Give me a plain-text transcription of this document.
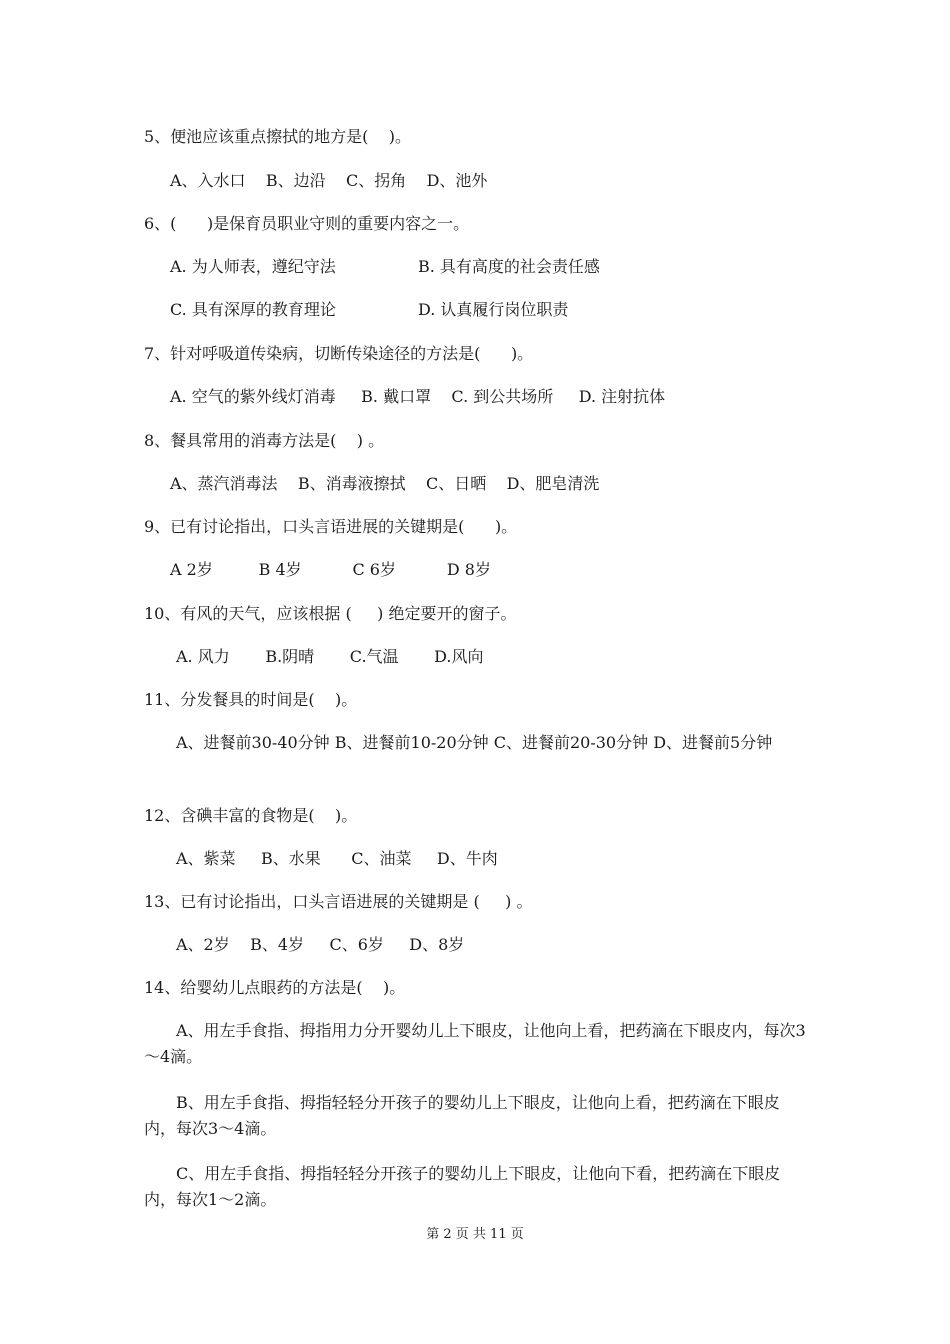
5、便池应该重点擦拭的地方是(    )。
A、入水口    B、边沿    C、拐角    D、池外
6、(      )是保育员职业守则的重要内容之一。
A. 为人师表，遵纪守法	B. 具有高度的社会责任感
C. 具有深厚的教育理论	D. 认真履行岗位职责
7、针对呼吸道传染病，切断传染途径的方法是(      )。
A. 空气的紫外线灯消毒     B. 戴口罩    C. 到公共场所     D. 注射抗体
8、餐具常用的消毒方法是(    ) 。
A、蒸汽消毒法    B、消毒液擦拭    C、日晒    D、肥皂清洗
9、已有讨论指出，口头言语进展的关键期是(      )。
A 2岁         B 4岁          C 6岁          D 8岁
10、有风的天气，应该根据 (     ) 绝定要开的窗子。
A. 风力       B.阴晴       C.气温       D.风向
11、分发餐具的时间是(    )。
A、进餐前30-40分钟 B、进餐前10-20分钟 C、进餐前20-30分钟 D、进餐前5分钟
12、含碘丰富的食物是(    )。
A、紫菜     B、水果      C、油菜     D、牛肉
13、已有讨论指出，口头言语进展的关键期是 (     ) 。
A、2岁    B、4岁     C、6岁     D、8岁
14、给婴幼儿点眼药的方法是(    )。
A、用左手食指、拇指用力分开婴幼儿上下眼皮，让他向上看，把药滴在下眼皮内，每次3～4滴。
B、用左手食指、拇指轻轻分开孩子的婴幼儿上下眼皮，让他向上看，把药滴在下眼皮内，每次3～4滴。
C、用左手食指、拇指轻轻分开孩子的婴幼儿上下眼皮，让他向下看，把药滴在下眼皮内，每次1～2滴。
第 2 页 共 11 页
